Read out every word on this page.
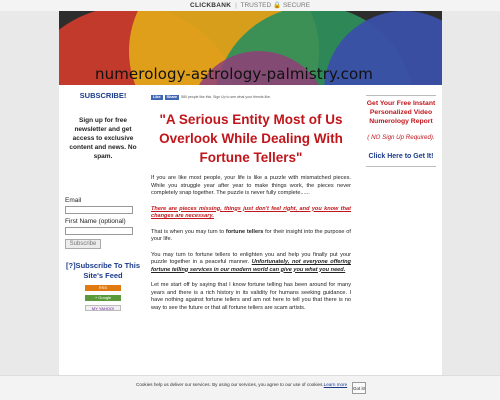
CLICKBANK | TRUSTED 🔒 SECURE
numerology-astrology-palmistry.com
SUBSCRIBE!
Sign up for free newsletter and get access to exclusive content and news. No spam.
Email
First Name (optional)
Subscribe
[?]Subscribe To This Site's Feed
RSS
+ Google
MY YAHOO!
Like	Share	580 people like this. Sign Up to see what your friends like.
"A Serious Entity Most of Us Overlook While Dealing With Fortune Tellers"

If you are like most people, your life is like a puzzle with mismatched pieces. While you struggle year after year to make things work, the pieces never completely snap together. The puzzle is never fully complete......

There are pieces missing, things just don't feel right, and you know that changes are necessary.

That is when you may turn to fortune tellers for their insight into the purpose of your life.

You may turn to fortune tellers to enlighten you and help you finally put your puzzle together in a peaceful manner. Unfortunately, not everyone offering fortune telling services in our modern world can give you what you need.

Let me start off by saying that I know fortune telling has been around for many years and there is a rich history in its validity for humans seeking guidance. I have nothing against fortune tellers and am not here to tell you that there is no way to see the future or that all fortune tellers are scam artists.

Get Your Free Instant Personalized Video Numerology Report
( NO Sign Up Required).
Click Here to Get It!
Cookies help us deliver our services. By using our services, you agree to our use of cookies.Learn more
Got it!
